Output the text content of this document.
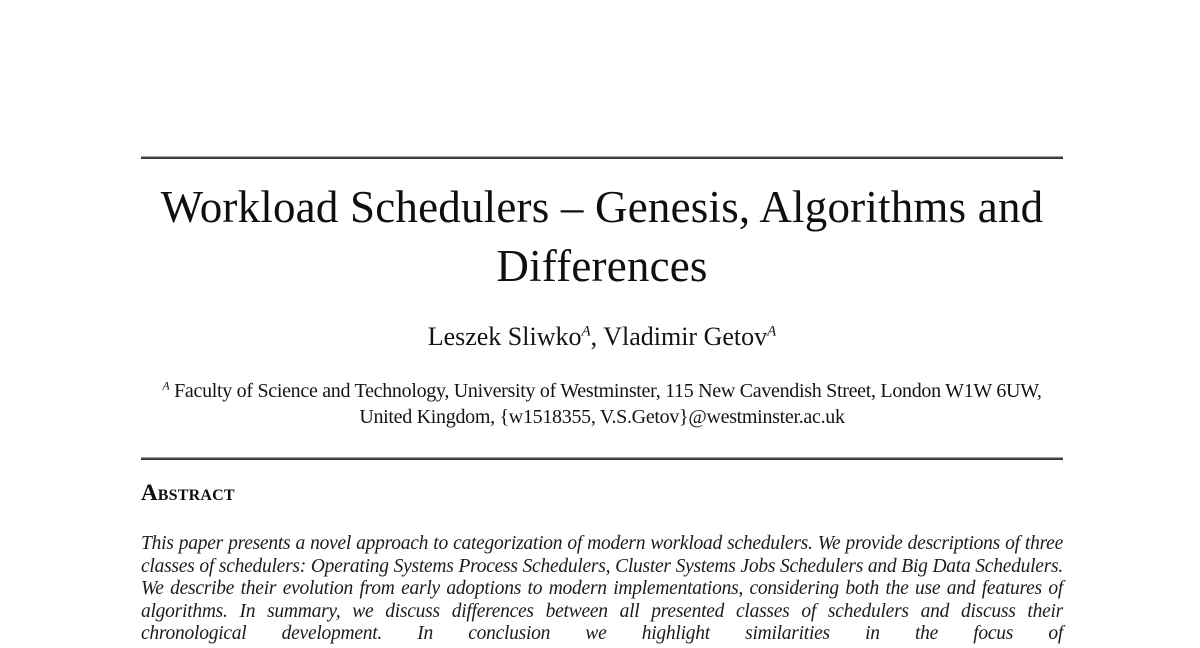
Workload Schedulers – Genesis, Algorithms and Differences
Leszek Sliwko$^A$, Vladimir Getov$^A$
$^A$ Faculty of Science and Technology, University of Westminster, 115 New Cavendish Street, London W1W 6UW, United Kingdom, {w1518355, V.S.Getov}@westminster.ac.uk
Abstract

This paper presents a novel approach to categorization of modern workload schedulers. We provide descriptions of three classes of schedulers: Operating Systems Process Schedulers, Cluster Systems Jobs Schedulers and Big Data Schedulers. We describe their evolution from early adoptions to modern implementations, considering both the use and features of algorithms. In summary, we discuss differences between all presented classes of schedulers and discuss their chronological development. In conclusion we highlight similarities in the focus of
